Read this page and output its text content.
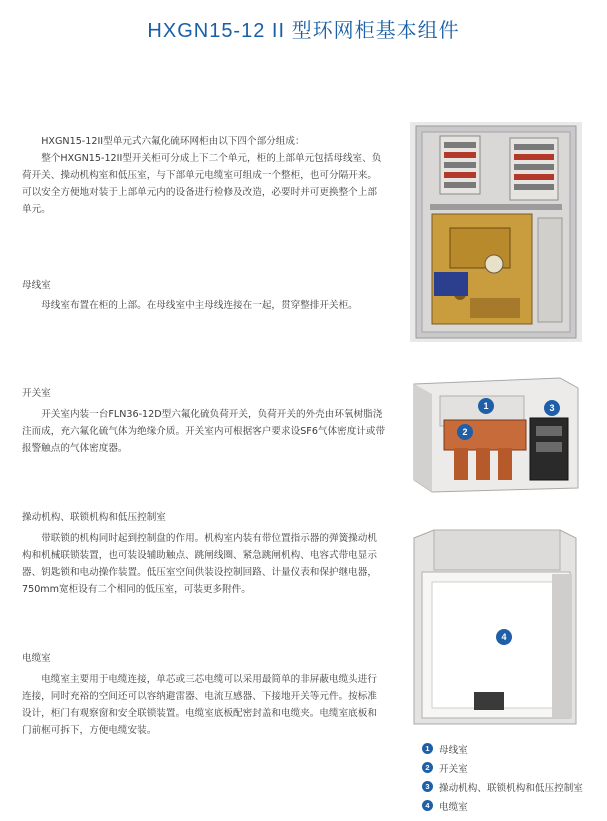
HXGN15-12 II 型环网柜基本组件

HXGN15-12II型单元式六氟化硫环网柜由以下四个部分组成：

整个HXGN15-12II型开关柜可分成上下二个单元，柜的上部单元包括母线室、负荷开关、操动机构室和低压室，与下部单元电缆室可组成一个整柜，也可分隔开来。可以安全方便地对装于上部单元内的设备进行检修及改造，必要时并可更换整个上部单元。

母线室

母线室布置在柜的上部。在母线室中主母线连接在一起，贯穿整排开关柜。

开关室

开关室内装一台FLN36-12D型六氟化硫负荷开关，负荷开关的外壳由环氧树脂浇注而成，充六氟化硫气体为绝缘介质。开关室内可根据客户要求设SF6气体密度计或带报警触点的气体密度器。

操动机构、联锁机构和低压控制室

带联锁的机构同时起到控制盘的作用。机构室内装有带位置指示器的弹簧操动机构和机械联锁装置，也可装设辅助触点、跳闸线圈、紧急跳闸机构、电容式带电显示器、钥匙锁和电动操作装置。低压室空间供装设控制回路、计量仪表和保护继电器， 750mm宽柜设有二个相同的低压室，可装更多附件。

电缆室

电缆室主要用于电缆连接，单芯或三芯电缆可以采用最简单的非屏蔽电缆头进行连接，同时充裕的空间还可以容纳避雷器、电流互感器、下接地开关等元件。按标准设计，柜门有观察窗和安全联锁装置。电缆室底板配密封盖和电缆夹。电缆室底板和门前框可拆下，方便电缆安装。

1
2
3
4
1 母线室
2 开关室
3 操动机构、联锁机构和低压控制室
4 电缆室
